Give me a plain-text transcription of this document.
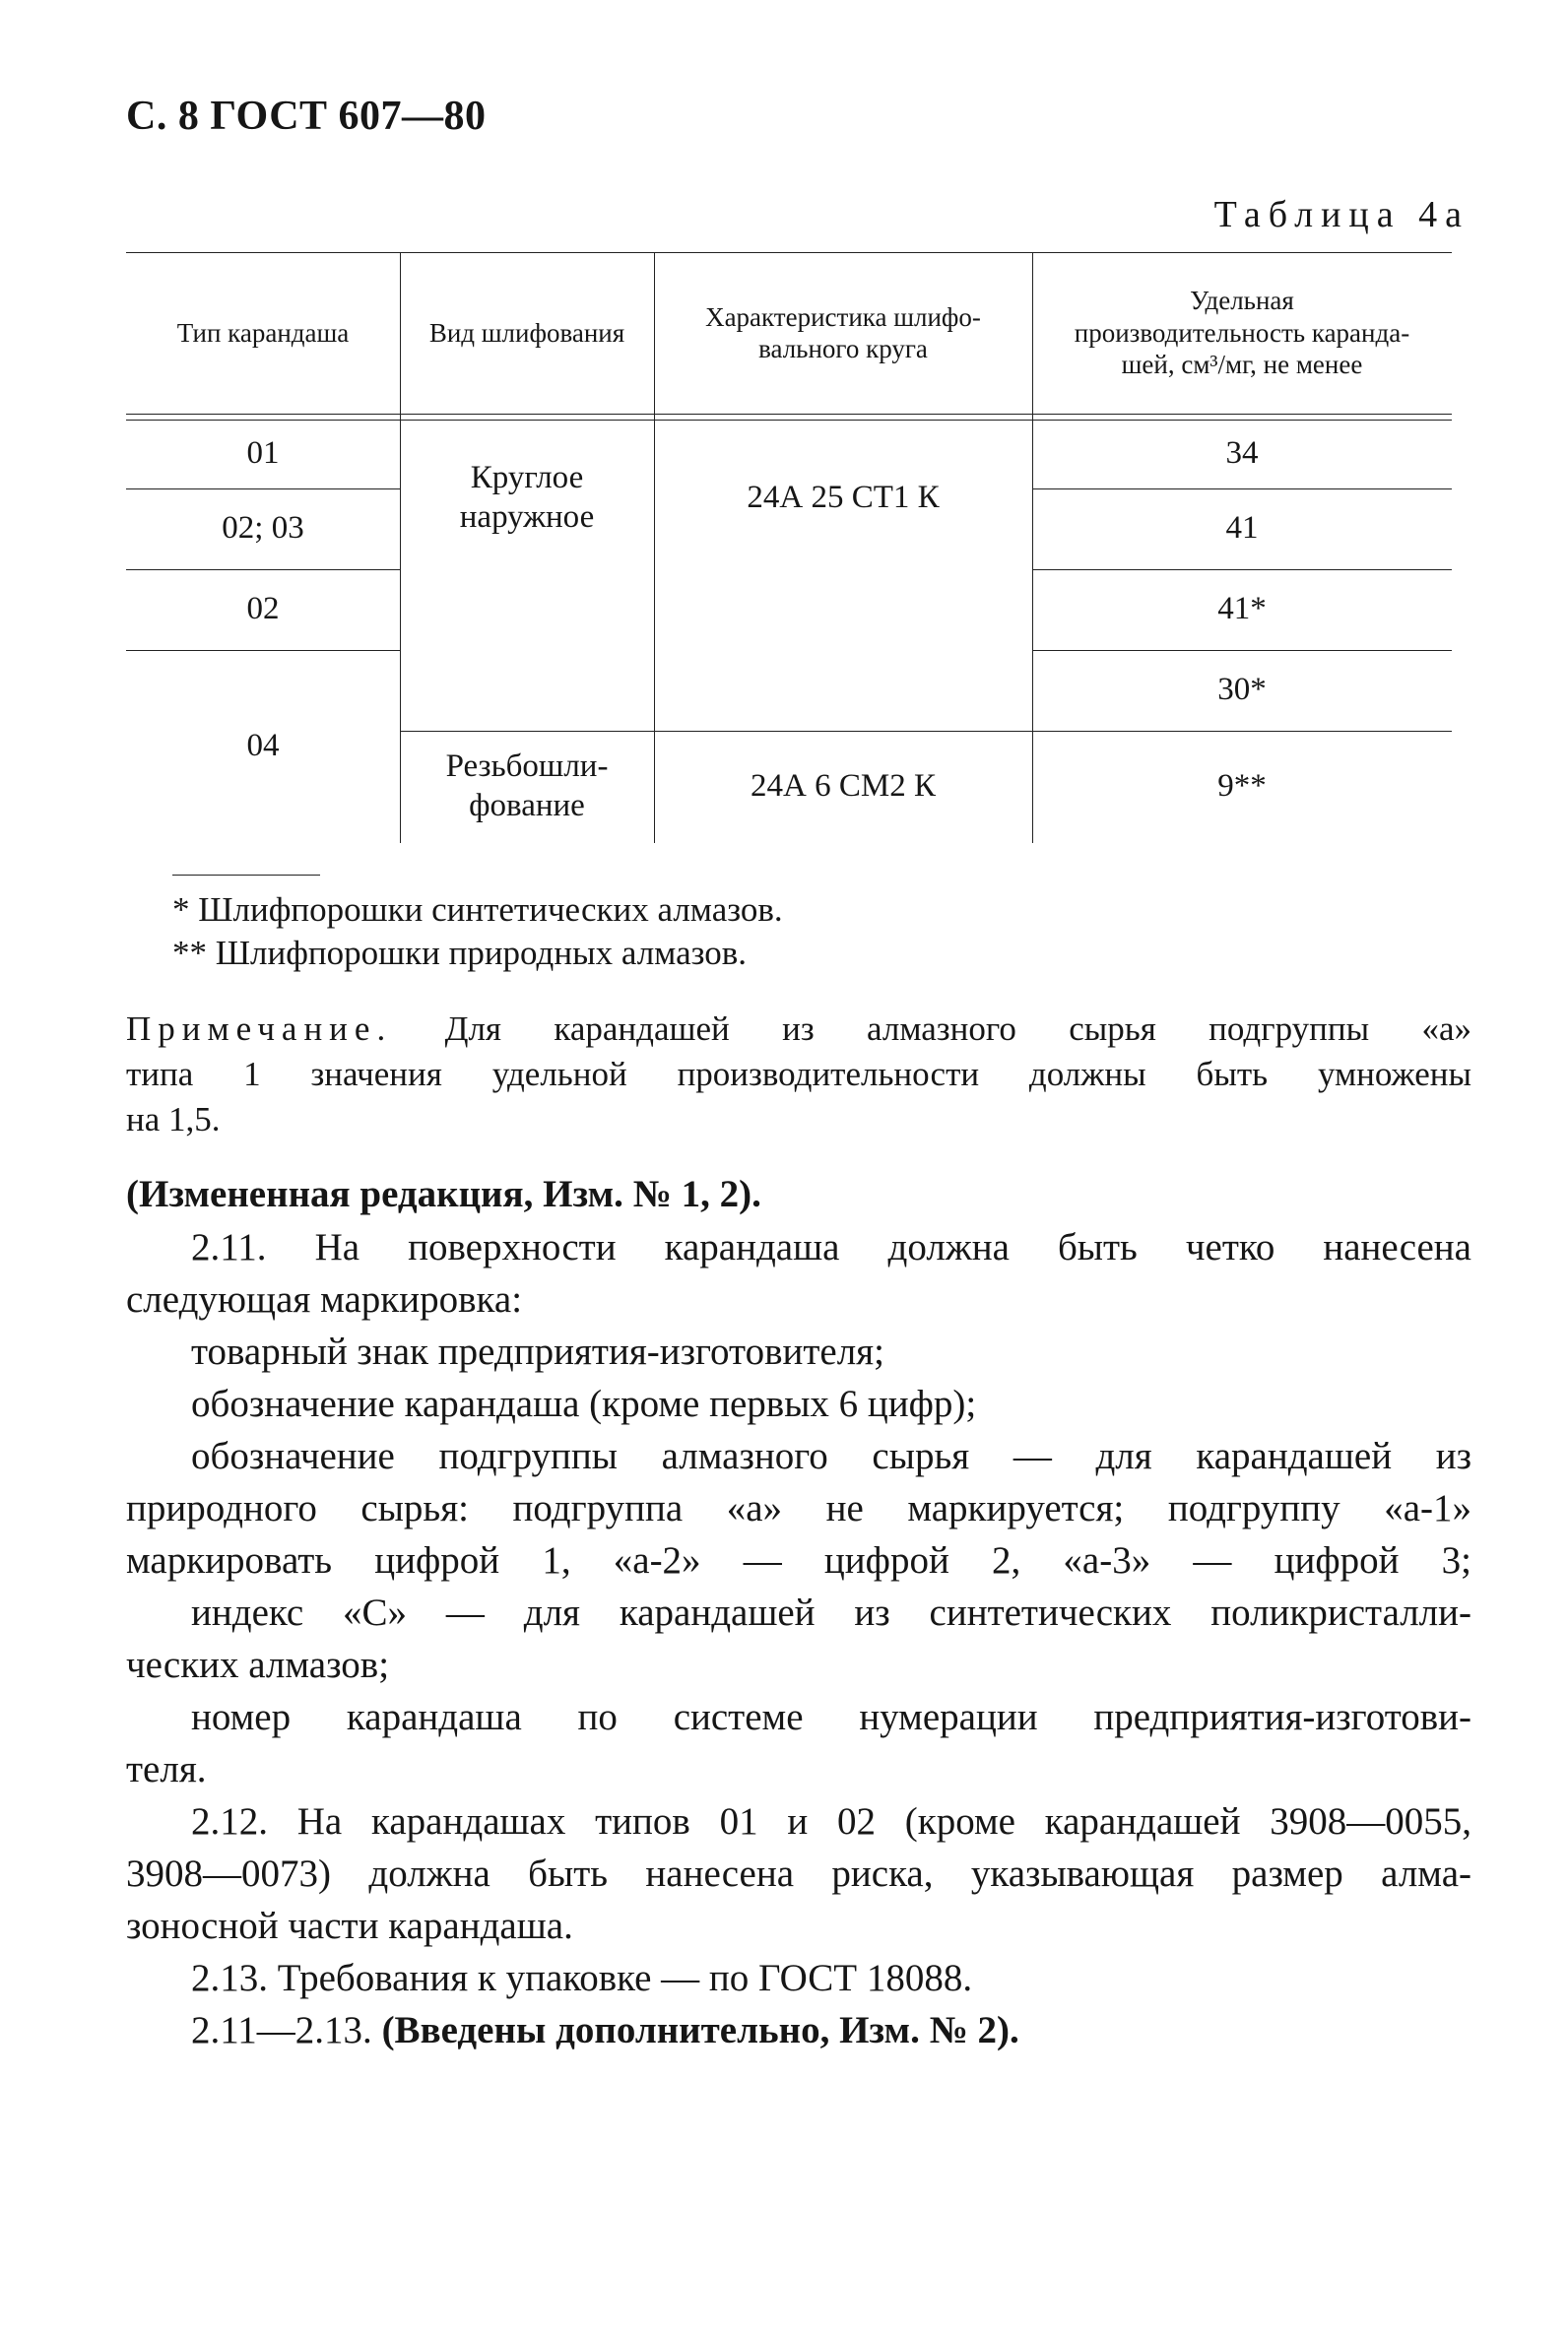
С. 8 ГОСТ 607—80
Таблица 4а
Тип карандаша	Вид шлифования
Характеристика шлифо-
вального круга
Удельная
производительность каранда-
шей, см³/мг, не менее
01
02; 03
02
04
Круглое
наружное
Резьбошли-
фование
24А 25 СТ1 К
24А 6 СМ2 К
34
41
41*
30*
9**
* Шлифпорошки синтетических алмазов.
** Шлифпорошки природных алмазов.
Примечание. Для карандашей из алмазного сырья подгруппы «а»
типа 1 значения удельной производительности должны быть умножены
на 1,5.
(Измененная редакция, Изм. № 1, 2).
2.11. На поверхности карандаша должна быть четко нанесена
следующая маркировка:
товарный знак предприятия-изготовителя;
обозначение карандаша (кроме первых 6 цифр);
обозначение подгруппы алмазного сырья — для карандашей из
природного сырья: подгруппа «а» не маркируется; подгруппу «а-1»
маркировать цифрой 1, «а-2» — цифрой 2, «а-3» — цифрой 3;
индекс «С» — для карандашей из синтетических поликристалли-
ческих алмазов;
номер карандаша по системе нумерации предприятия-изготови-
теля.
2.12. На карандашах типов 01 и 02 (кроме карандашей 3908—0055,
3908—0073) должна быть нанесена риска, указывающая размер алма-
зоносной части карандаша.
2.13. Требования к упаковке — по ГОСТ 18088.
2.11—2.13. (Введены дополнительно, Изм. № 2).
